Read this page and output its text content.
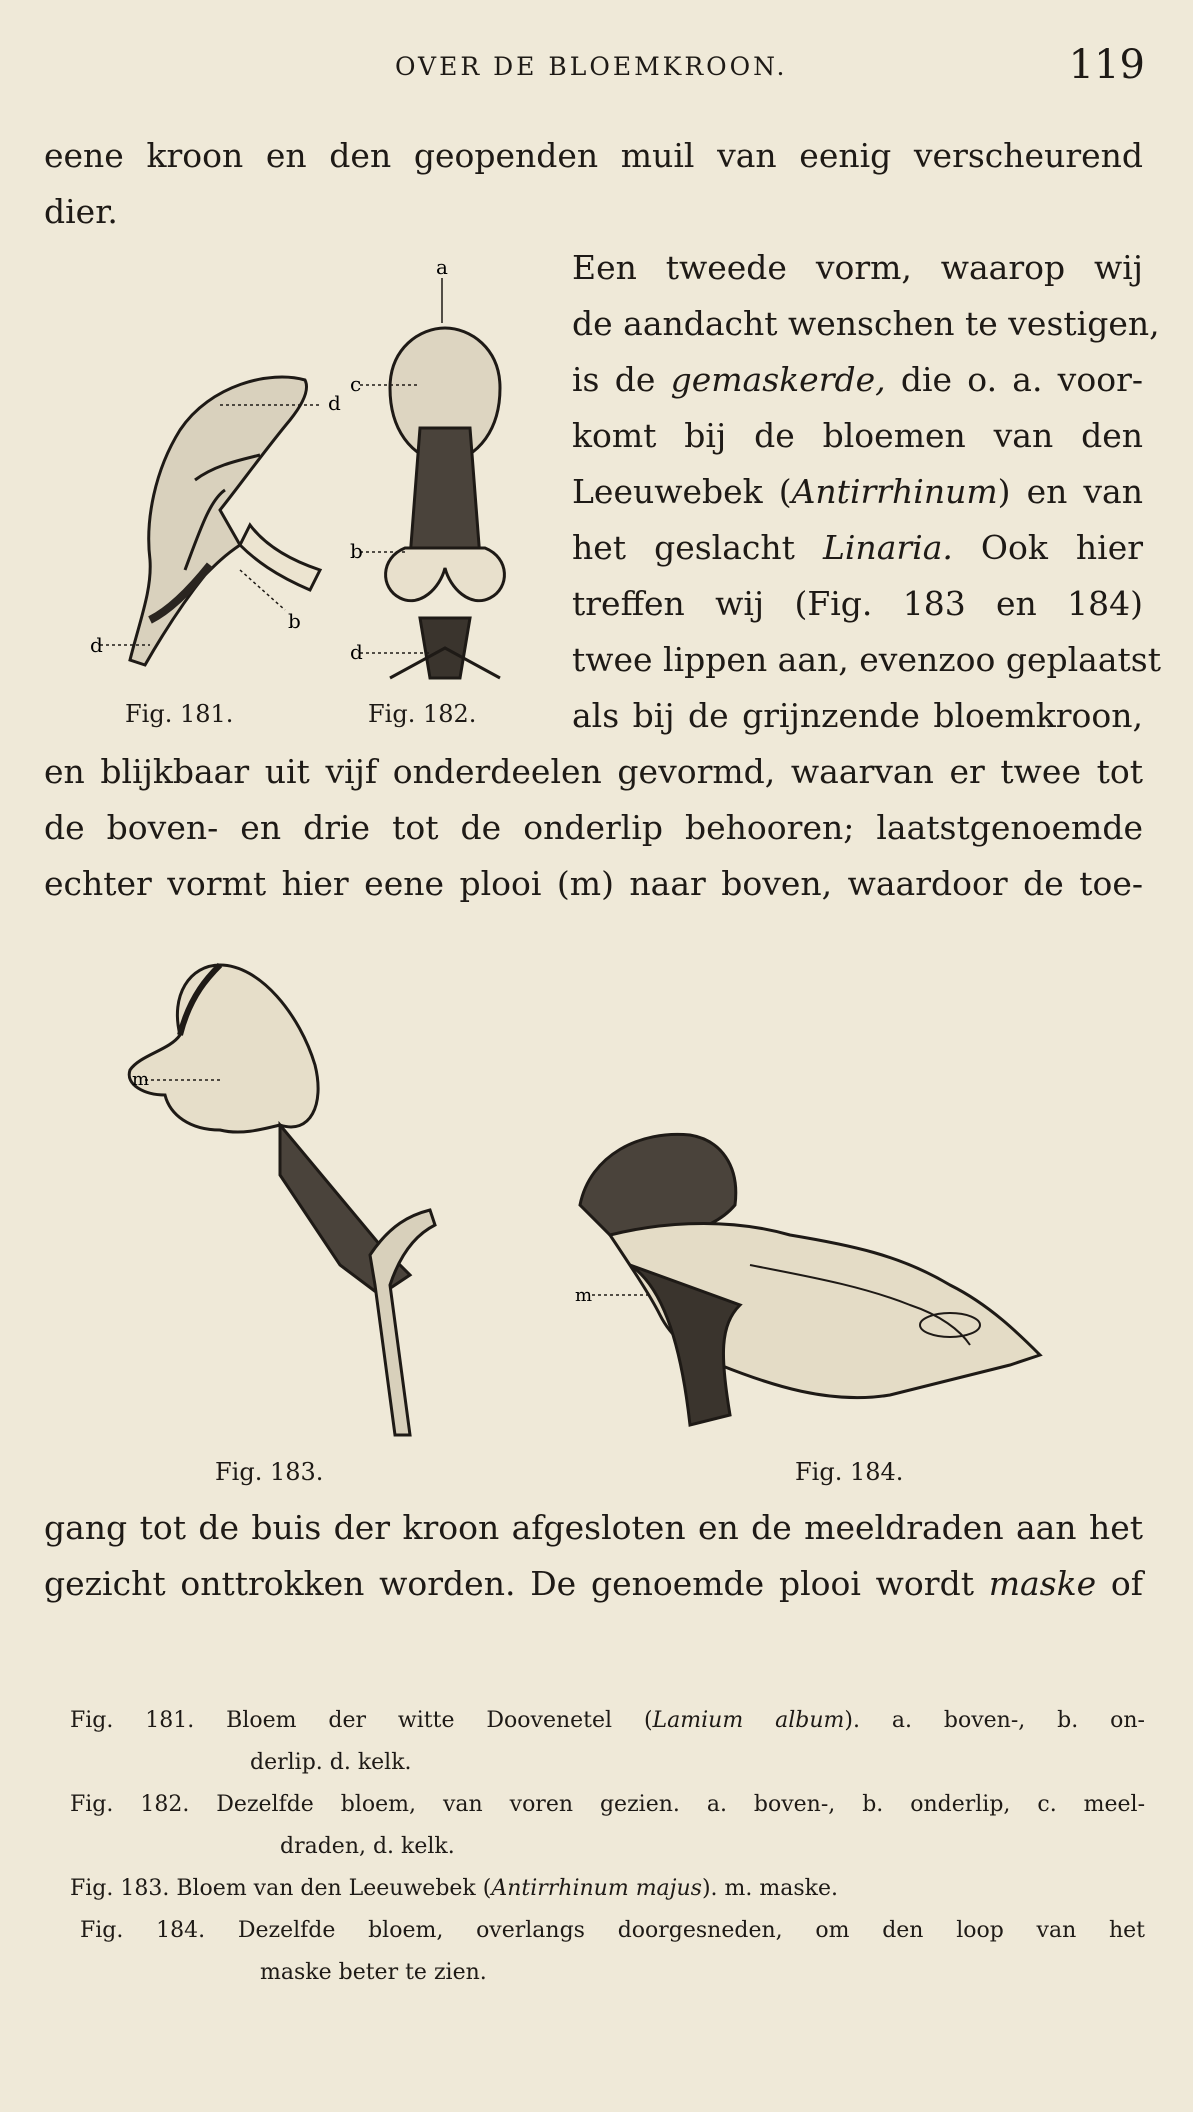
OVER DE BLOEMKROON.	119
eene kroon en den geopenden muil van eenig verscheurend
dier.
d
d
b
Fig. 181.
a
c
b
d
Fig. 182.
Een tweede vorm, waarop wij
de aandacht wenschen te vestigen,
is de gemaskerde, die o. a. voor-
komt bij de bloemen van den
Leeuwebek (Antirrhinum) en van
het geslacht Linaria. Ook hier
treffen wij (Fig. 183 en 184)
twee lippen aan, evenzoo geplaatst
als bij de grijnzende bloemkroon,
en blijkbaar uit vijf onderdeelen gevormd, waarvan er twee tot
de boven- en drie tot de onderlip behooren; laatstgenoemde
echter vormt hier eene plooi (m) naar boven, waardoor de toe-
m
Fig. 183.
m
Fig. 184.
gang tot de buis der kroon afgesloten en de meeldraden aan het
gezicht onttrokken worden. De genoemde plooi wordt maske of
Fig. 181. Bloem der witte Doovenetel (Lamium album). a. boven-, b. on-
derlip. d. kelk.
Fig. 182. Dezelfde bloem, van voren gezien. a. boven-, b. onderlip, c. meel-
draden, d. kelk.
Fig. 183. Bloem van den Leeuwebek (Antirrhinum majus). m. maske.
Fig. 184. Dezelfde bloem, overlangs doorgesneden, om den loop van het
maske beter te zien.
